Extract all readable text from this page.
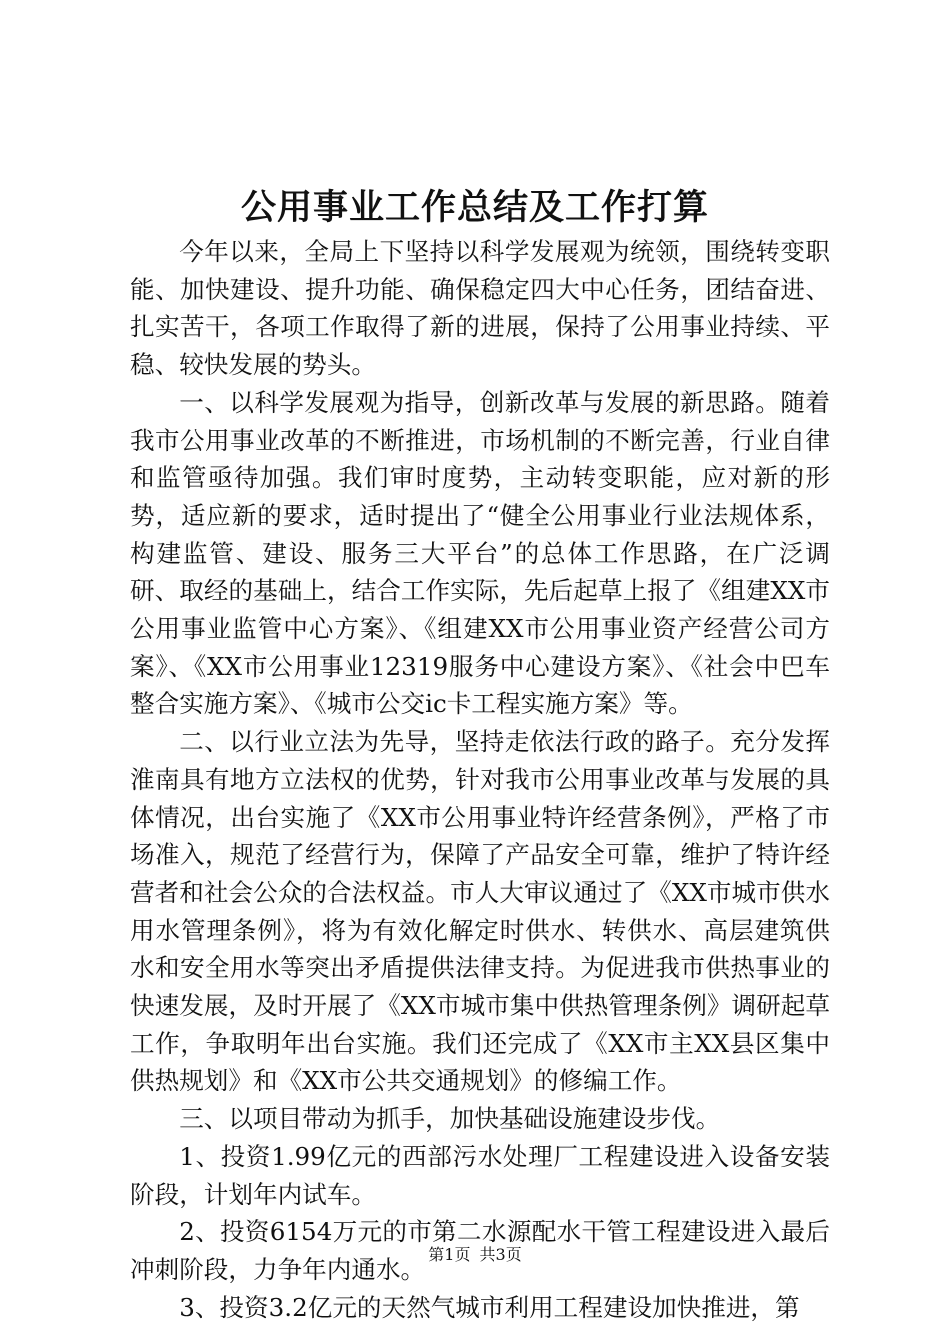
公用事业工作总结及工作打算

今年以来，全局上下坚持以科学发展观为统领，围绕转变职能、加快建设、提升功能、确保稳定四大中心任务，团结奋进、扎实苦干，各项工作取得了新的进展，保持了公用事业持续、平稳、较快发展的势头。

一、以科学发展观为指导，创新改革与发展的新思路。随着我市公用事业改革的不断推进，市场机制的不断完善，行业自律和监管亟待加强。我们审时度势，主动转变职能，应对新的形势，适应新的要求，适时提出了“健全公用事业行业法规体系，构建监管、建设、服务三大平台”的总体工作思路，在广泛调研、取经的基础上，结合工作实际，先后起草上报了《组建XX市公用事业监管中心方案》、《组建XX市公用事业资产经营公司方案》、《XX市公用事业12319服务中心建设方案》、《社会中巴车整合实施方案》、《城市公交ic卡工程实施方案》等。

二、以行业立法为先导，坚持走依法行政的路子。充分发挥淮南具有地方立法权的优势，针对我市公用事业改革与发展的具体情况，出台实施了《XX市公用事业特许经营条例》，严格了市场准入，规范了经营行为，保障了产品安全可靠，维护了特许经营者和社会公众的合法权益。市人大审议通过了《XX市城市供水用水管理条例》，将为有效化解定时供水、转供水、高层建筑供水和安全用水等突出矛盾提供法律支持。为促进我市供热事业的快速发展，及时开展了《XX市城市集中供热管理条例》调研起草工作，争取明年出台实施。我们还完成了《XX市主XX县区集中供热规划》和《XX市公共交通规划》的修编工作。

三、以项目带动为抓手，加快基础设施建设步伐。

1、投资1.99亿元的西部污水处理厂工程建设进入设备安装阶段，计划年内试车。

2、投资6154万元的市第二水源配水干管工程建设进入最后冲刺阶段，力争年内通水。

3、投资3.2亿元的天然气城市利用工程建设加快推进，第

第1页 共3页
